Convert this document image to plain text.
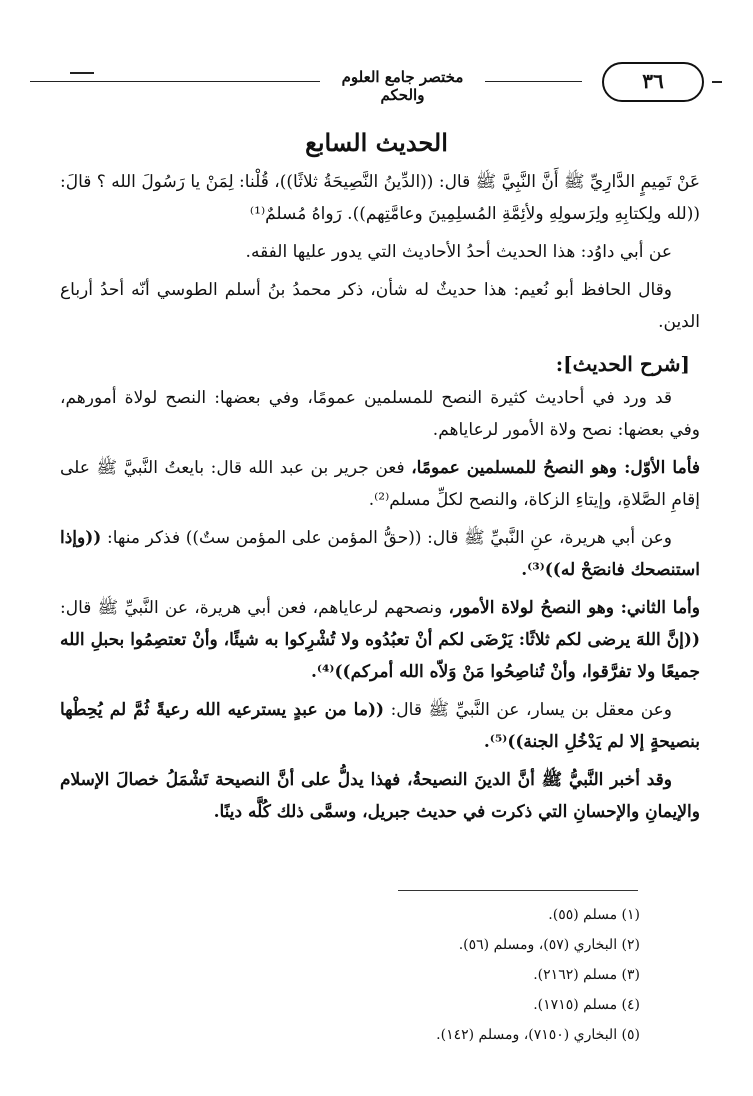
مختصر جامع العلوم والحكم
٣٦
الحديث السابع

عَنْ تَمِيمٍ الدَّارِيِّ ﷺ أَنَّ النَّبِيَّ ﷺ قال: ((الدِّينُ النَّصِيحَةُ ثلاثًا))، قُلْنا: لِمَنْ يا رَسُولَ الله ؟ قالَ: ((لله ولِكتابِهِ ولِرَسولِهِ ولأئِمَّةِ المُسلِمِينَ وعامَّتِهم)). رَواهُ مُسلمٌ⁽¹⁾

عن أبي داوُد: هذا الحديث أحدُ الأحاديث التي يدور عليها الفقه.

وقال الحافظ أبو نُعيم: هذا حديثٌ له شأن، ذكر محمدُ بنُ أسلم الطوسي أنّه أحدُ أرباع الدين.

[شرح الحديث]:

قد ورد في أحاديث كثيرة النصح للمسلمين عمومًا، وفي بعضها: النصح لولاة أمورهم، وفي بعضها: نصح ولاة الأمور لرعاياهم.

فأما الأوّل: وهو النصحُ للمسلمين عمومًا، فعن جرير بن عبد الله قال: بايعتُ النَّبيَّ ﷺ على إقامِ الصَّلاةِ، وإيتاءِ الزكاة، والنصح لكلِّ مسلم⁽²⁾.

وعن أبي هريرة، عنِ النَّبيِّ ﷺ قال: ((حقُّ المؤمن على المؤمن ستٌ)) فذكر منها: ((وإذا استنصحك فانصَحْ له))⁽³⁾.

وأما الثاني: وهو النصحُ لولاة الأمور، ونصحهم لرعاياهم، فعن أبي هريرة، عن النَّبيِّ ﷺ قال: ((إنَّ اللهَ يرضى لكم ثلاثًا: يَرْضَى لكم أنْ تعبُدُوه ولا تُشْرِكوا به شيئًا، وأنْ تعتصِمُوا بحبلِ الله جميعًا ولا تفرَّقوا، وأنْ تُناصِحُوا مَنْ وَلاّه الله أمركم))⁽⁴⁾.

وعن معقل بن يسار، عن النَّبيِّ ﷺ قال: ((ما من عبدٍ يسترعيه الله رعيةً ثُمَّ لم يُحِطْها بنصيحةٍ إلا لم يَدْخُلِ الجنة))⁽⁵⁾.

وقد أخبر النَّبيُّ ﷺ أنَّ الدينَ النصيحةُ، فهذا يدلُّ على أنَّ النصيحة تَشْمَلُ خصالَ الإسلام والإيمانِ والإحسانِ التي ذكرت في حديث جبريل، وسمَّى ذلك كُلَّه دينًا.

(١) مسلم (٥٥).
(٢) البخاري (٥٧)، ومسلم (٥٦).
(٣) مسلم (٢١٦٢).
(٤) مسلم (١٧١٥).
(٥) البخاري (٧١٥٠)، ومسلم (١٤٢).
